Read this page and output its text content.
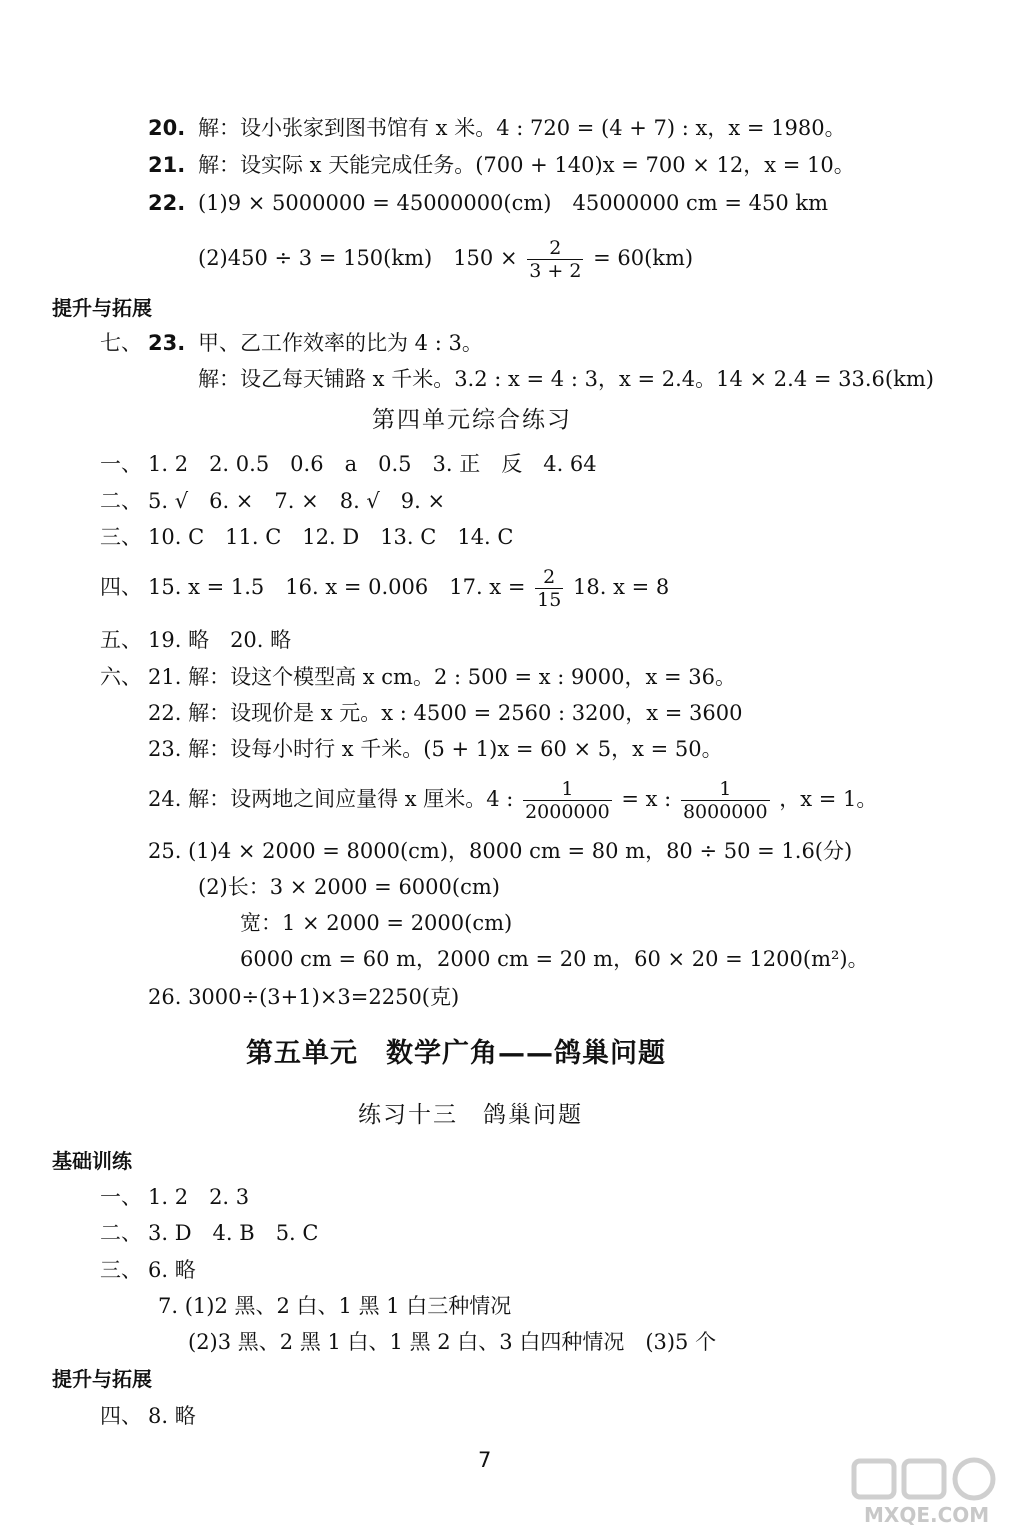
20. 解：设小张家到图书馆有 x 米。4 : 720 = (4 + 7) : x，x = 1980。
21. 解：设实际 x 天能完成任务。(700 + 140)x = 700 × 12，x = 10。
22. (1)9 × 5000000 = 45000000(cm)　45000000 cm = 450 km
(2)450 ÷ 3 = 150(km)　$150 \times \frac{2}{3 + 2} = 60(km)$
提升与拓展
七、 23. 甲、乙工作效率的比为 4 : 3。
解：设乙每天铺路 x 千米。3.2 : x = 4 : 3，x = 2.4。14 × 2.4 = 33.6(km)
第四单元综合练习
一、 1. 2　2. 0.5　0.6　a　0.5　3. 正　反　4. 64
二、 5. √　6. ×　7. ×　8. √　9. ×
三、 10. C　11. C　12. D　13. C　14. C
四、 15. x = 1.5　16. x = 0.006　17. $x = \frac{2}{15} 18$. x = 8
五、 19. 略　20. 略
六、 21. 解：设这个模型高 x cm。2 : 500 = x : 9000，x = 36。
22. 解：设现价是 x 元。x : 4500 = 2560 : 3200，x = 3600
23. 解：设每小时行 x 千米。(5 + 1)x = 60 × 5，x = 50。
24. 解：设两地之间应量得 x 厘米。4 : $\frac{1}{2000000} = x$ : $\frac{1}{8000000}$ ，x = 1。
25. (1)4 × 2000 = 8000(cm)，8000 cm = 80 m，80 ÷ 50 = 1.6(分)
(2)长：3 × 2000 = 6000(cm)
宽：1 × 2000 = 2000(cm)
6000 cm = 60 m，2000 cm = 20 m，60 × 20 = 1200(m²)。
26. 3000÷(3+1)×3=2250(克)
第五单元　数学广角——鸽巢问题
练习十三　鸽巢问题
基础训练
一、 1. 2　2. 3
二、 3. D　4. B　5. C
三、 6. 略
7. (1)2 黑、2 白、1 黑 1 白三种情况
(2)3 黑、2 黑 1 白、1 黑 2 白、3 白四种情况　(3)5 个
提升与拓展
四、 8. 略
7
MXQE.COM
